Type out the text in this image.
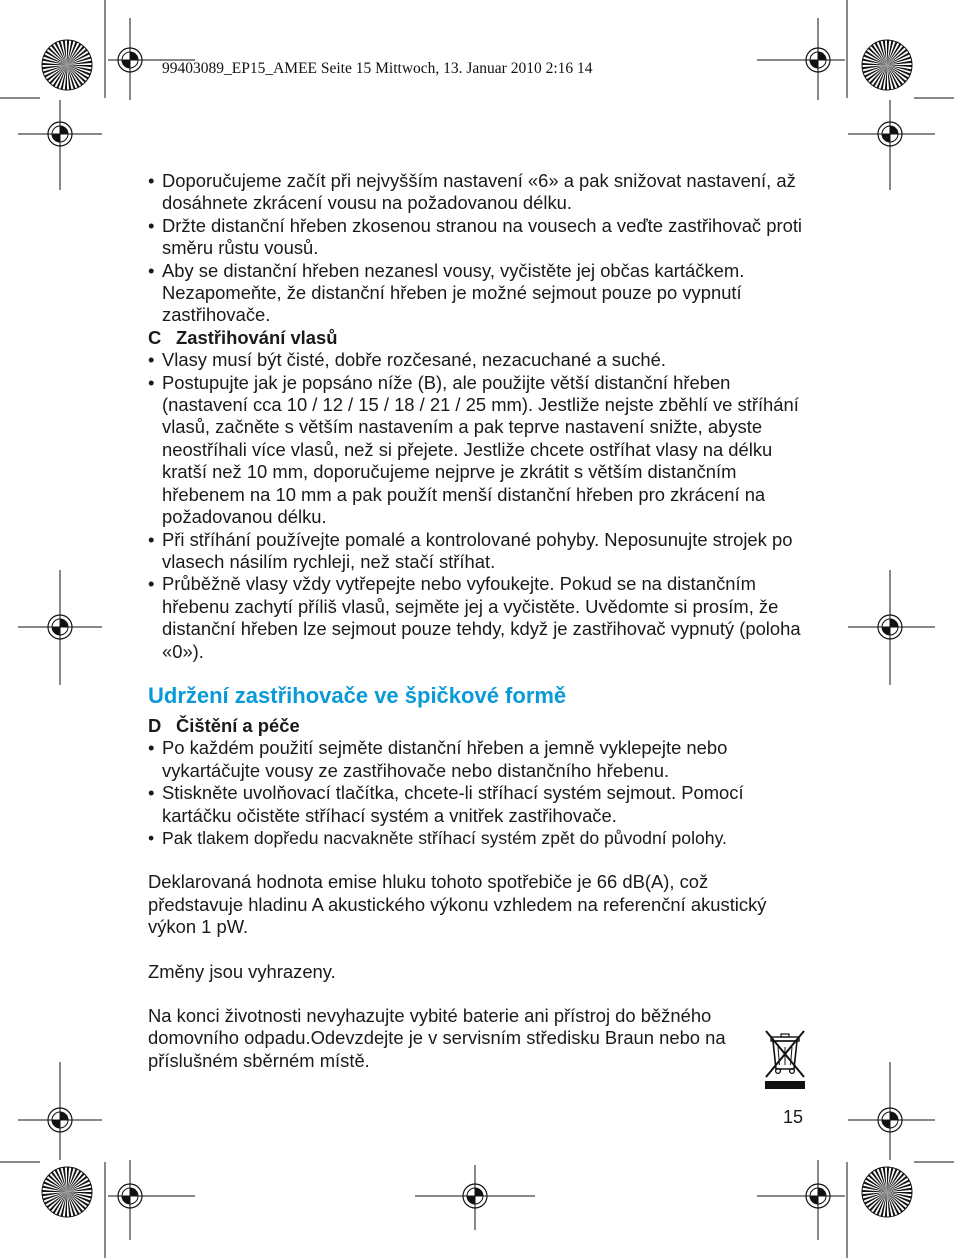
99403089_EP15_AMEE Seite 15 Mittwoch, 13. Januar 2010 2:16 14
• Doporučujeme začít při nejvyšším nastavení «6» a pak snižovat nastavení, až dosáhnete zkrácení vousu na požadovanou délku.
• Držte distanční hřeben zkosenou stranou na vousech a veďte zastřihovač proti směru růstu vousů.
• Aby se distanční hřeben nezanesl vousy, vyčistěte jej občas kartáčkem. Nezapomeňte, že distanční hřeben je možné sejmout pouze po vypnutí zastřihovače.

C Zastřihování vlasů

• Vlasy musí být čisté, dobře rozčesané, nezacuchané a suché.
• Postupujte jak je popsáno níže (B), ale použijte větší distanční hřeben (nastavení cca 10 / 12 / 15 / 18 / 21 / 25 mm). Jestliže nejste zběhlí ve stříhání vlasů, začněte s větším nastavením a pak teprve nastavení snižte, abyste neostříhali více vlasů, než si přejete. Jestliže chcete ostříhat vlasy na délku kratší než 10 mm, doporučujeme nejprve je zkrátit s větším distančním hřebenem na 10 mm a pak použít menší distanční hřeben pro zkrácení na požadovanou délku.
• Při stříhání používejte pomalé a kontrolované pohyby. Neposunujte strojek po vlasech násilím rychleji, než stačí stříhat.
• Průběžně vlasy vždy vytřepejte nebo vyfoukejte. Pokud se na distančním hřebenu zachytí příliš vlasů, sejměte jej a vyčistěte. Uvědomte si prosím, že distanční hřeben lze sejmout pouze tehdy, když je zastřihovač vypnutý (poloha «0»).
Udržení zastřihovače ve špičkové formě

D Čištění a péče

• Po každém použití sejměte distanční hřeben a jemně vyklepejte nebo vykartáčujte vousy ze zastřihovače nebo distančního hřebenu.
• Stiskněte uvolňovací tlačítka, chcete-li stříhací systém sejmout. Pomocí kartáčku očistěte stříhací systém a vnitřek zastřihovače.
• Pak tlakem dopředu nacvakněte stříhací systém zpět do původní polohy.

Deklarovaná hodnota emise hluku tohoto spotřebiče je 66 dB(A), což představuje hladinu A akustického výkonu vzhledem na referenční akustický výkon 1 pW.

Změny jsou vyhrazeny.

Na konci životnosti nevyhazujte vybité baterie ani přístroj do běžného domovního odpadu.Odevzdejte je v servisním středisku Braun nebo na příslušném sběrném místě.

15
